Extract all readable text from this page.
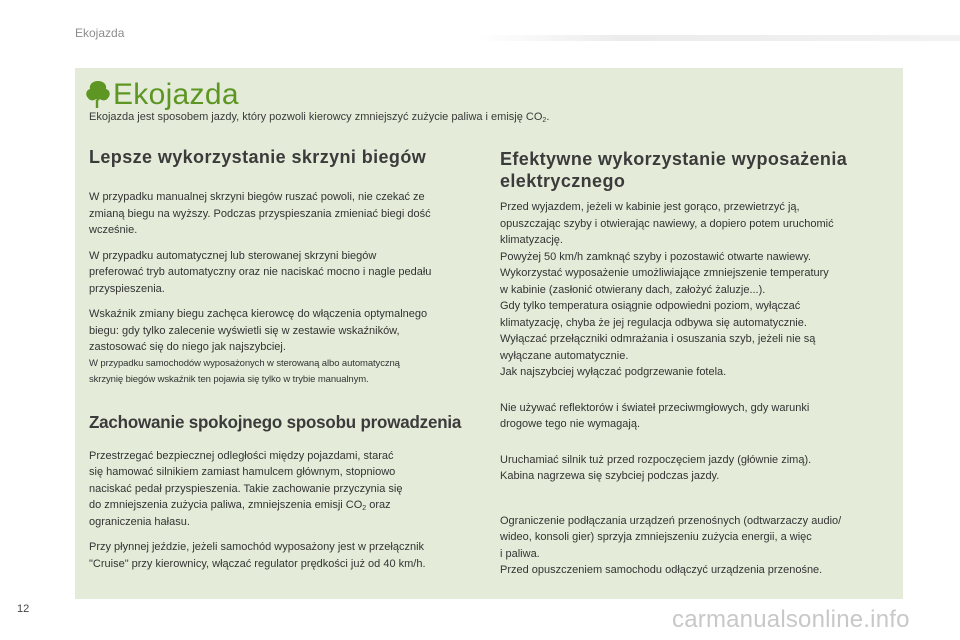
Ekojazda
Ekojazda
Ekojazda jest sposobem jazdy, który pozwoli kierowcy zmniejszyć zużycie paliwa i emisję $CO_2$.
Lepsze wykorzystanie skrzyni biegów

W przypadku manualnej skrzyni biegów ruszać powoli, nie czekać ze
zmianą biegu na wyższy. Podczas przyspieszania zmieniać biegi dość
wcześnie.

W przypadku automatycznej lub sterowanej skrzyni biegów
preferować tryb automatyczny oraz nie naciskać mocno i nagle pedału
przyspieszenia.

Wskaźnik zmiany biegu zachęca kierowcę do włączenia optymalnego
biegu: gdy tylko zalecenie wyświetli się w zestawie wskaźników,
zastosować się do niego jak najszybciej.

W przypadku samochodów wyposażonych w sterowaną albo automatyczną
skrzynię biegów wskaźnik ten pojawia się tylko w trybie manualnym.

Zachowanie spokojnego sposobu prowadzenia

Przestrzegać bezpiecznej odległości między pojazdami, starać
się hamować silnikiem zamiast hamulcem głównym, stopniowo
naciskać pedał przyspieszenia. Takie zachowanie przyczynia się
do zmniejszenia zużycia paliwa, zmniejszenia emisji $CO_2$ oraz
ograniczenia hałasu.

Przy płynnej jeździe, jeżeli samochód wyposażony jest w przełącznik
"Cruise" przy kierownicy, włączać regulator prędkości już od 40 km/h.

Efektywne wykorzystanie wyposażenia
elektrycznego

Przed wyjazdem, jeżeli w kabinie jest gorąco, przewietrzyć ją,
opuszczając szyby i otwierając nawiewy, a dopiero potem uruchomić
klimatyzację.
Powyżej 50 km/h zamknąć szyby i pozostawić otwarte nawiewy.
Wykorzystać wyposażenie umożliwiające zmniejszenie temperatury
w kabinie (zasłonić otwierany dach, założyć żaluzje...).
Gdy tylko temperatura osiągnie odpowiedni poziom, wyłączać
klimatyzację, chyba że jej regulacja odbywa się automatycznie.
Wyłączać przełączniki odmrażania i osuszania szyb, jeżeli nie są
wyłączane automatycznie.
Jak najszybciej wyłączać podgrzewanie fotela.

Nie używać reflektorów i świateł przeciwmgłowych, gdy warunki
drogowe tego nie wymagają.

Uruchamiać silnik tuż przed rozpoczęciem jazdy (głównie zimą).
Kabina nagrzewa się szybciej podczas jazdy.

Ograniczenie podłączania urządzeń przenośnych (odtwarzaczy audio/
wideo, konsoli gier) sprzyja zmniejszeniu zużycia energii, a więc
i paliwa.
Przed opuszczeniem samochodu odłączyć urządzenia przenośne.

12	carmanualsonline.info
